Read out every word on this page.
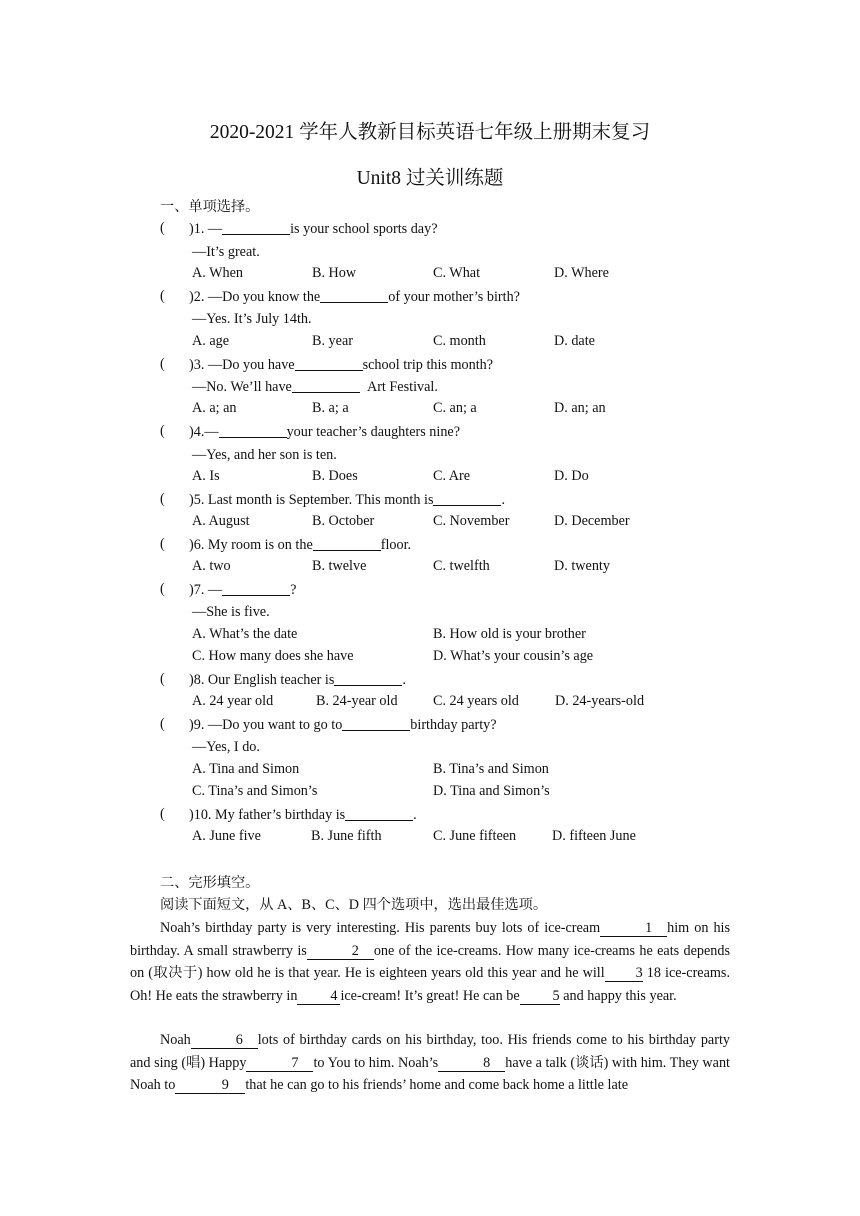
2020-2021 学年人教新目标英语七年级上册期末复习
Unit8 过关训练题
一、单项选择。
( )1. —	is your school sports day?
—It’s great.
A. When	B. How	C. What	D. Where
( )2. —Do you know the	of your mother’s birth?
—Yes. It’s July 14th.
A. age	B. year	C. month	D. date
( )3. —Do you have	school trip this month?
—No. We’ll have	Art Festival.
A. a; an	B. a; a	C. an; a	D. an; an
( )4.—	your teacher’s daughters nine?
—Yes, and her son is ten.
A. Is	B. Does	C. Are	D. Do
( )5. Last month is September. This month is	.
A. August	B. October	C. November	D. December
( )6. My room is on the	floor.
A. two	B. twelve	C. twelfth	D. twenty
( )7. —	?
—She is five.
A. What’s the date	B. How old is your brother
C. How many does she have	D. What’s your cousin’s age
( )8. Our English teacher is	.
A. 24 year old	B. 24-year old C. 24 years old	D. 24-years-old
( )9. —Do you want to go to	birthday party?
—Yes, I do.
A. Tina and Simon	B. Tina’s and Simon
C. Tina’s and Simon’s	D. Tina and Simon’s
( )10. My father’s birthday is	.
A. June five	B. June fifth	C. June fifteen	D. fifteen June
二、完形填空。
阅读下面短文，从 A、B、C、D 四个选项中，选出最佳选项。
Noah’s birthday party is very interesting. His parents buy lots of ice-cream	1 him on his birthday. A small strawberry is	2 one of the ice-creams. How many ice-creams he eats depends on (取决于) how old he is that year. He is eighteen years old this year and he will 3 18 ice-creams. Oh! He eats the strawberry in 4 ice-cream! It’s great! He can be 5 and happy this year.
Noah	6 lots of birthday cards on his birthday, too. His friends come to his birthday party and sing (唱) Happy	7 to You to him. Noah’s	8 have a talk (谈话) with him. They want Noah to	9 that he can go to his friends’ home and come back home a little late
